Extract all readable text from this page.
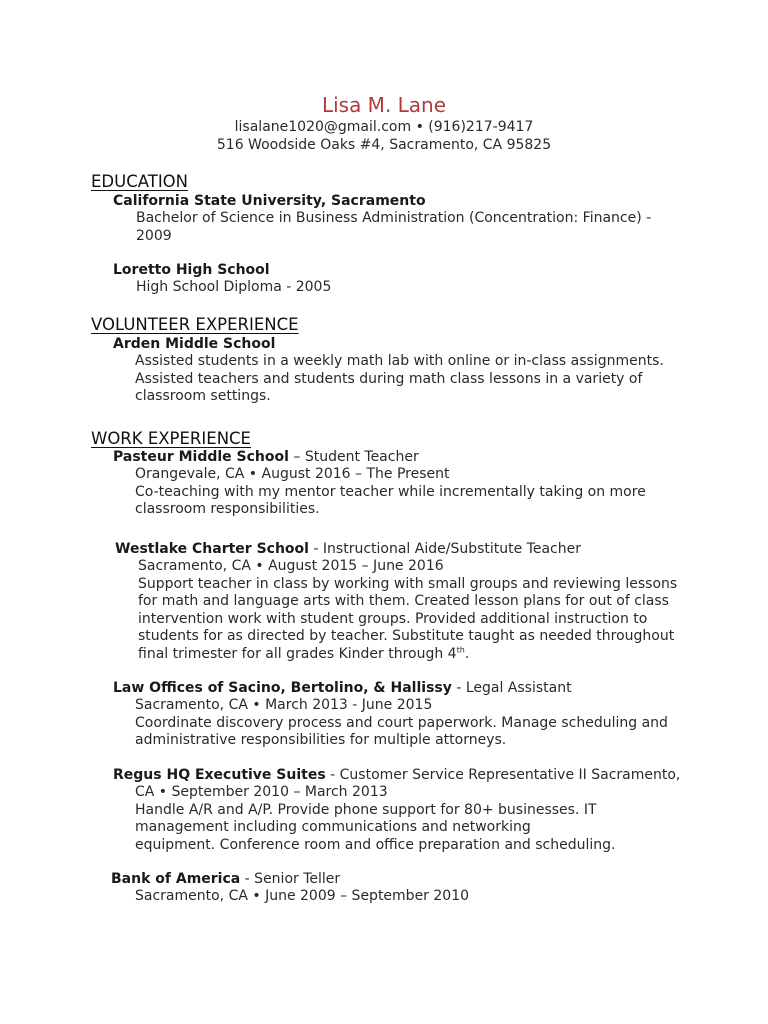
Lisa M. Lane
lisalane1020@gmail.com • (916)217-9417
516 Woodside Oaks #4, Sacramento, CA 95825
EDUCATION
California State University, Sacramento
Bachelor of Science in Business Administration (Concentration: Finance) -
2009
Loretto High School
High School Diploma - 2005
VOLUNTEER EXPERIENCE
Arden Middle School
Assisted students in a weekly math lab with online or in-class assignments.
Assisted teachers and students during math class lessons in a variety of
classroom settings.
WORK EXPERIENCE
Pasteur Middle School – Student Teacher
Orangevale, CA • August 2016 – The Present
Co-teaching with my mentor teacher while incrementally taking on more
classroom responsibilities.
Westlake Charter School - Instructional Aide/Substitute Teacher
Sacramento, CA • August 2015 – June 2016
Support teacher in class by working with small groups and reviewing lessons
for math and language arts with them. Created lesson plans for out of class
intervention work with student groups. Provided additional instruction to
students for as directed by teacher. Substitute taught as needed throughout
final trimester for all grades Kinder through 4th.
Law Offices of Sacino, Bertolino, & Hallissy - Legal Assistant
Sacramento, CA • March 2013 - June 2015
Coordinate discovery process and court paperwork. Manage scheduling and
administrative responsibilities for multiple attorneys.
Regus HQ Executive Suites - Customer Service Representative II Sacramento,
CA • September 2010 – March 2013
Handle A/R and A/P. Provide phone support for 80+ businesses. IT
management including communications and networking
equipment. Conference room and office preparation and scheduling.
Bank of America - Senior Teller
Sacramento, CA • June 2009 – September 2010
